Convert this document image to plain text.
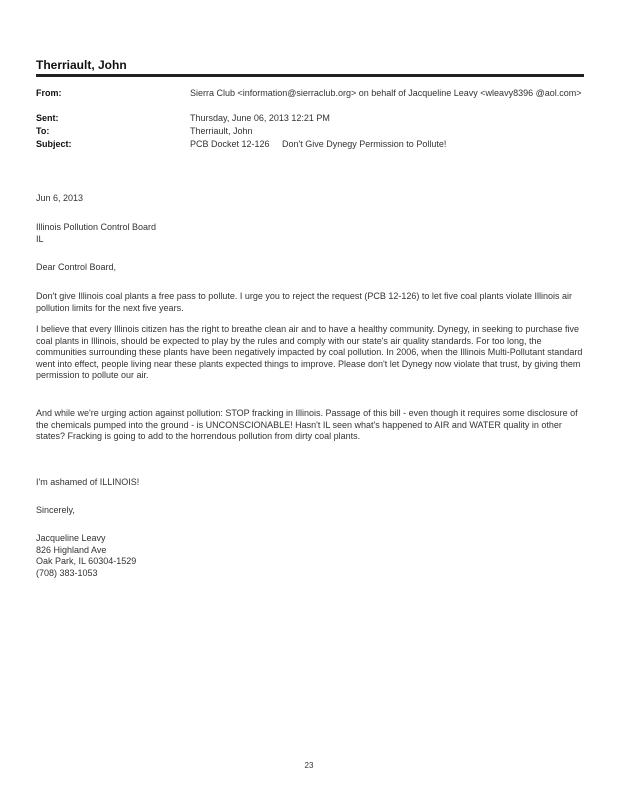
Therriault, John
From:	Sierra Club <information@sierraclub.org> on behalf of Jacqueline Leavy <wleavy8396 @aol.com>
Sent:	Thursday, June 06, 2013 12:21 PM
To:	Therriault, John
Subject:	PCB Docket 12-126     Don't Give Dynegy Permission to Pollute!
Jun 6, 2013

Illinois Pollution Control Board

IL

Dear Control Board,
Don't give Illinois coal plants a free pass to pollute. I urge you to reject the request (PCB 12-126) to let five coal plants violate Illinois air pollution limits for the next five years.
I believe that every Illinois citizen has the right to breathe clean air and to have a healthy community. Dynegy, in seeking to purchase five coal plants in Illinois, should be expected to play by the rules and comply with our state's air quality standards. For too long, the communities surrounding these plants have been negatively impacted by coal pollution. In 2006, when the Illinois Multi-Pollutant standard went into effect, people living near these plants expected things to improve. Please don't let Dynegy now violate that trust, by giving them permission to pollute our air.
And while we're urging action against pollution: STOP fracking in Illinois. Passage of this bill - even though it requires some disclosure of the chemicals pumped into the ground - is UNCONSCIONABLE! Hasn't IL seen what's happened to AIR and WATER quality in other states? Fracking is going to add to the horrendous pollution from dirty coal plants.
I'm ashamed of ILLINOIS!
Sincerely,

Jacqueline Leavy

826 Highland Ave

Oak Park, IL 60304-1529

(708) 383-1053

23
